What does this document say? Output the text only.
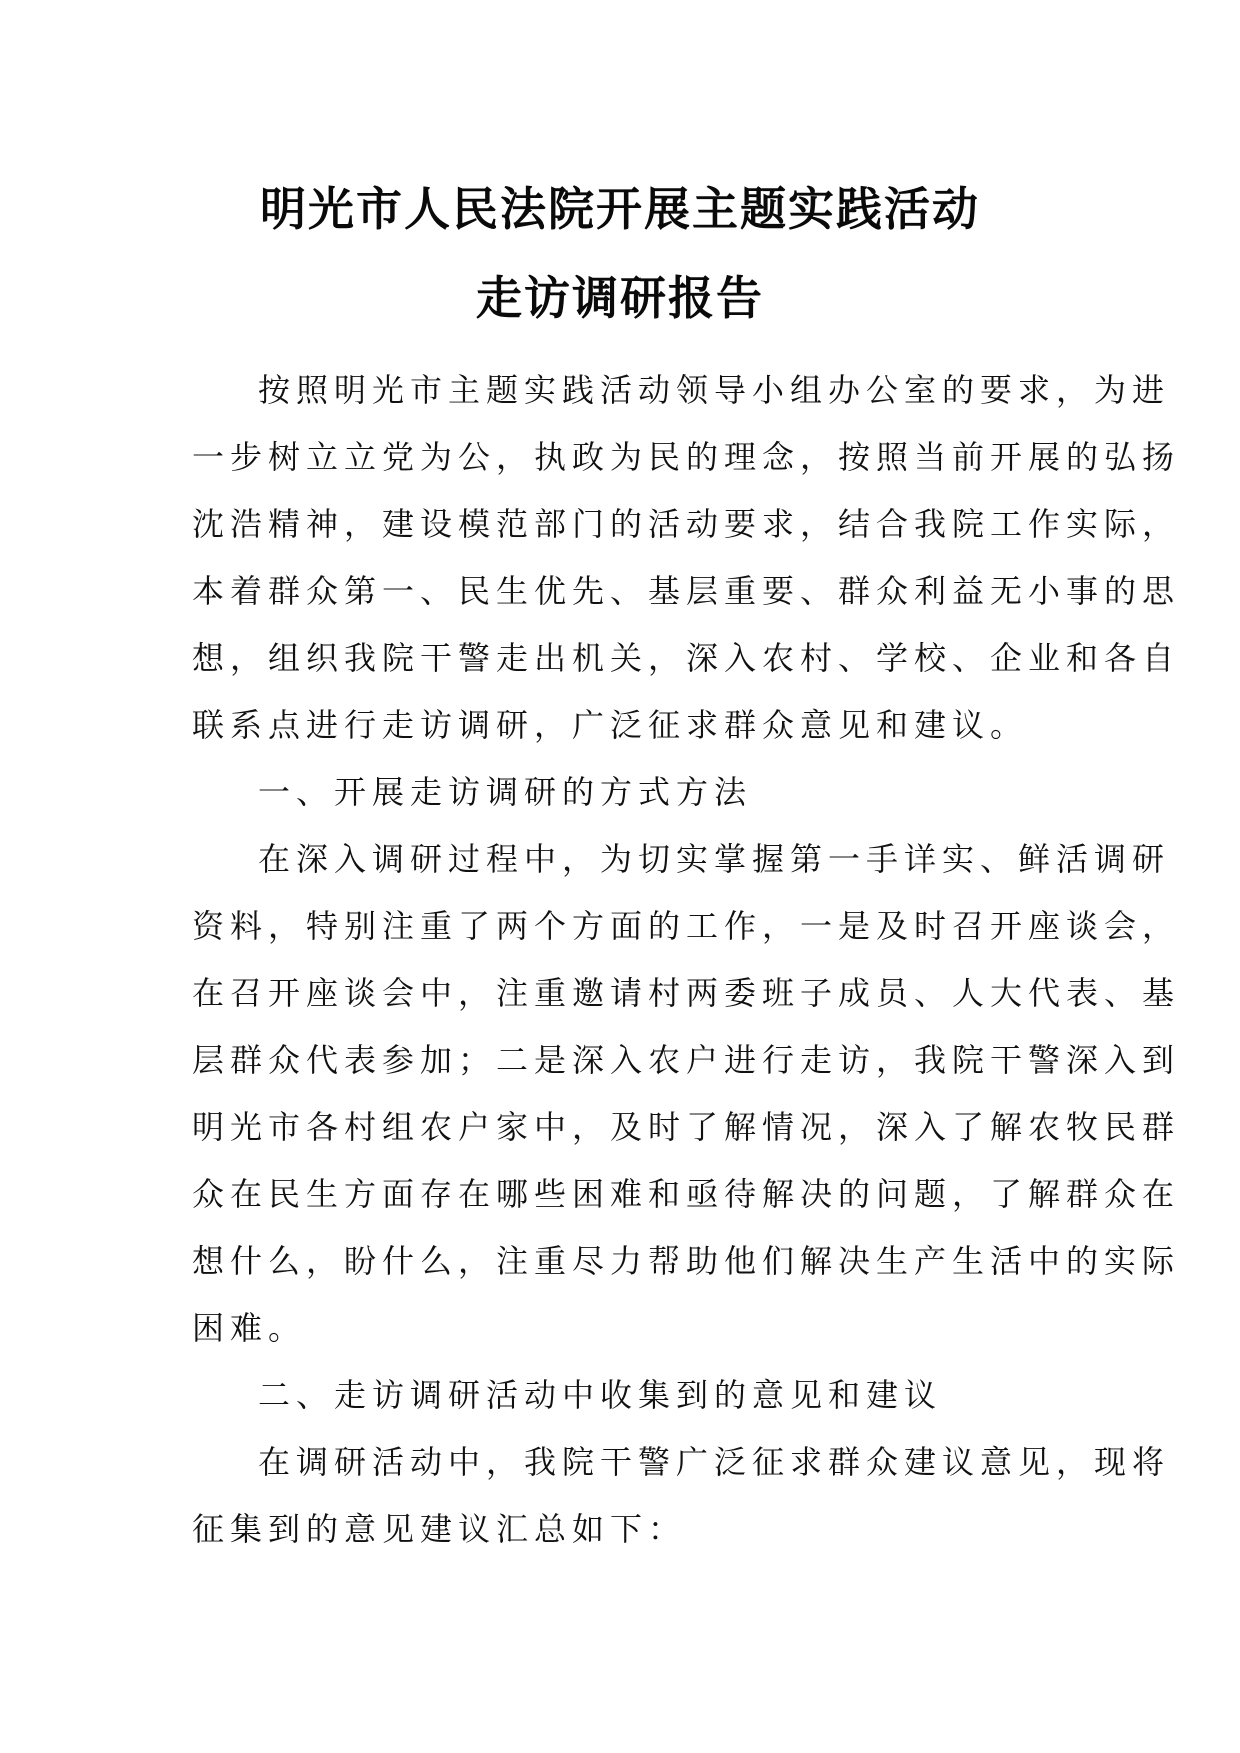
明光市人民法院开展主题实践活动
走访调研报告
按照明光市主题实践活动领导小组办公室的要求，为进
一步树立立党为公，执政为民的理念，按照当前开展的弘扬
沈浩精神，建设模范部门的活动要求，结合我院工作实际，
本着群众第一、民生优先、基层重要、群众利益无小事的思
想，组织我院干警走出机关，深入农村、学校、企业和各自
联系点进行走访调研，广泛征求群众意见和建议。
一、开展走访调研的方式方法
在深入调研过程中，为切实掌握第一手详实、鲜活调研
资料，特别注重了两个方面的工作，一是及时召开座谈会，
在召开座谈会中，注重邀请村两委班子成员、人大代表、基
层群众代表参加；二是深入农户进行走访，我院干警深入到
明光市各村组农户家中，及时了解情况，深入了解农牧民群
众在民生方面存在哪些困难和亟待解决的问题，了解群众在
想什么，盼什么，注重尽力帮助他们解决生产生活中的实际
困难。
二、走访调研活动中收集到的意见和建议
在调研活动中，我院干警广泛征求群众建议意见，现将
征集到的意见建议汇总如下：
